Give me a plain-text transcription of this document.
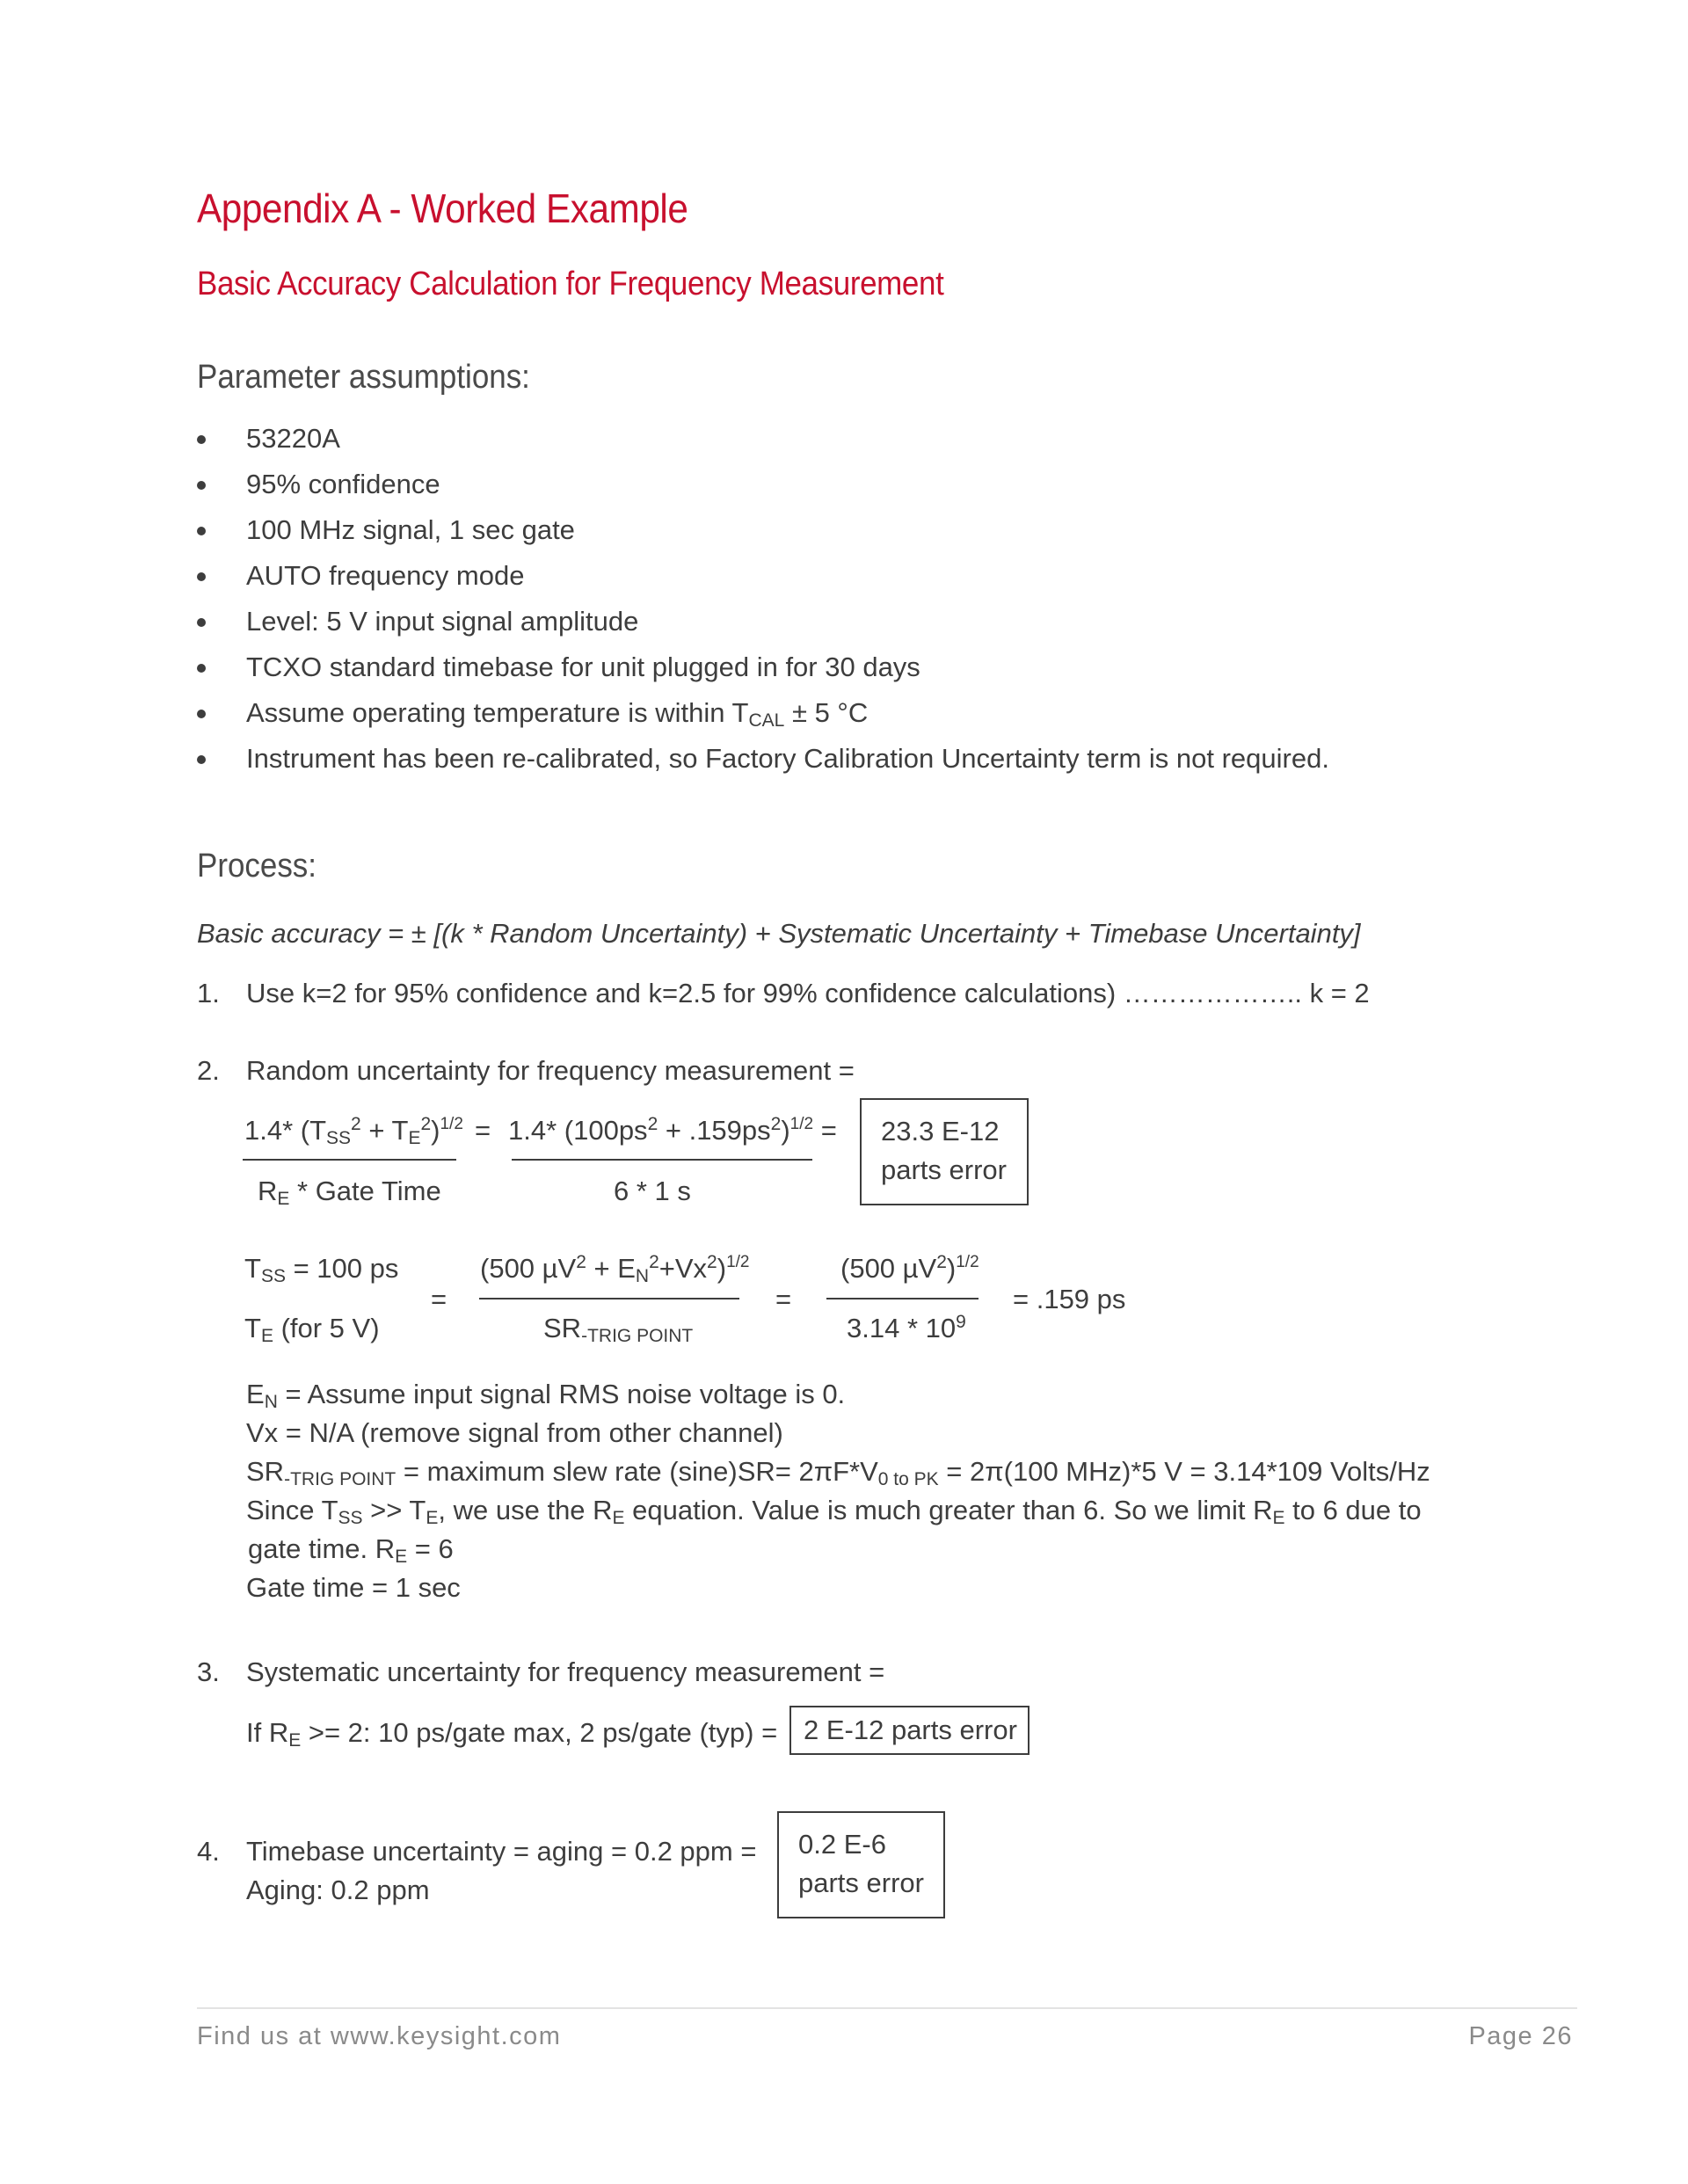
Appendix A - Worked Example
Basic Accuracy Calculation for Frequency Measurement
Parameter assumptions:
53220A
95% confidence
100 MHz signal, 1 sec gate
AUTO frequency mode
Level: 5 V input signal amplitude
TCXO standard timebase for unit plugged in for 30 days
Assume operating temperature is within TCAL ± 5 °C
Instrument has been re-calibrated, so Factory Calibration Uncertainty term is not required.
Process:
Basic accuracy = ± [(k * Random Uncertainty) + Systematic Uncertainty + Timebase Uncertainty]
1. Use k=2 for 95% confidence and k=2.5 for 99% confidence calculations) ……………….. k = 2
2. Random uncertainty for frequency measurement =
1.4* $(TSS^2 + TE^2)^{1/2} = 1.4*$ $(100ps^2 + .159ps^2)^{1/2}$ =
RE * Gate Time	6 * 1 s
23.3 E-12
parts error
TSS = 100 ps
TE (for 5 V)
=
(500 $\mu V^2 + EN^2+Vx^2)^{1/2}$
SR-TRIG POINT
=
(500 µV$^2$)$^{1/2}$
$3.14 * 10^9$
= .159 ps
EN = Assume input signal RMS noise voltage is 0.
Vx = N/A (remove signal from other channel)
SR-TRIG POINT = maximum slew rate (sine)SR= 2πF*V0 to PK = 2π(100 MHz)*5 V = 3.14*109 Volts/Hz
Since TSS >> TE, we use the RE equation. Value is much greater than 6. So we limit RE to 6 due to
gate time. RE = 6
Gate time = 1 sec
3. Systematic uncertainty for frequency measurement =
If RE >= 2: 10 ps/gate max, 2 ps/gate (typ) = 2 E-12 parts error
4. Timebase uncertainty = aging = 0.2 ppm =
Aging: 0.2 ppm
0.2 E-6
parts error
Find us at www.keysight.com	Page 26
